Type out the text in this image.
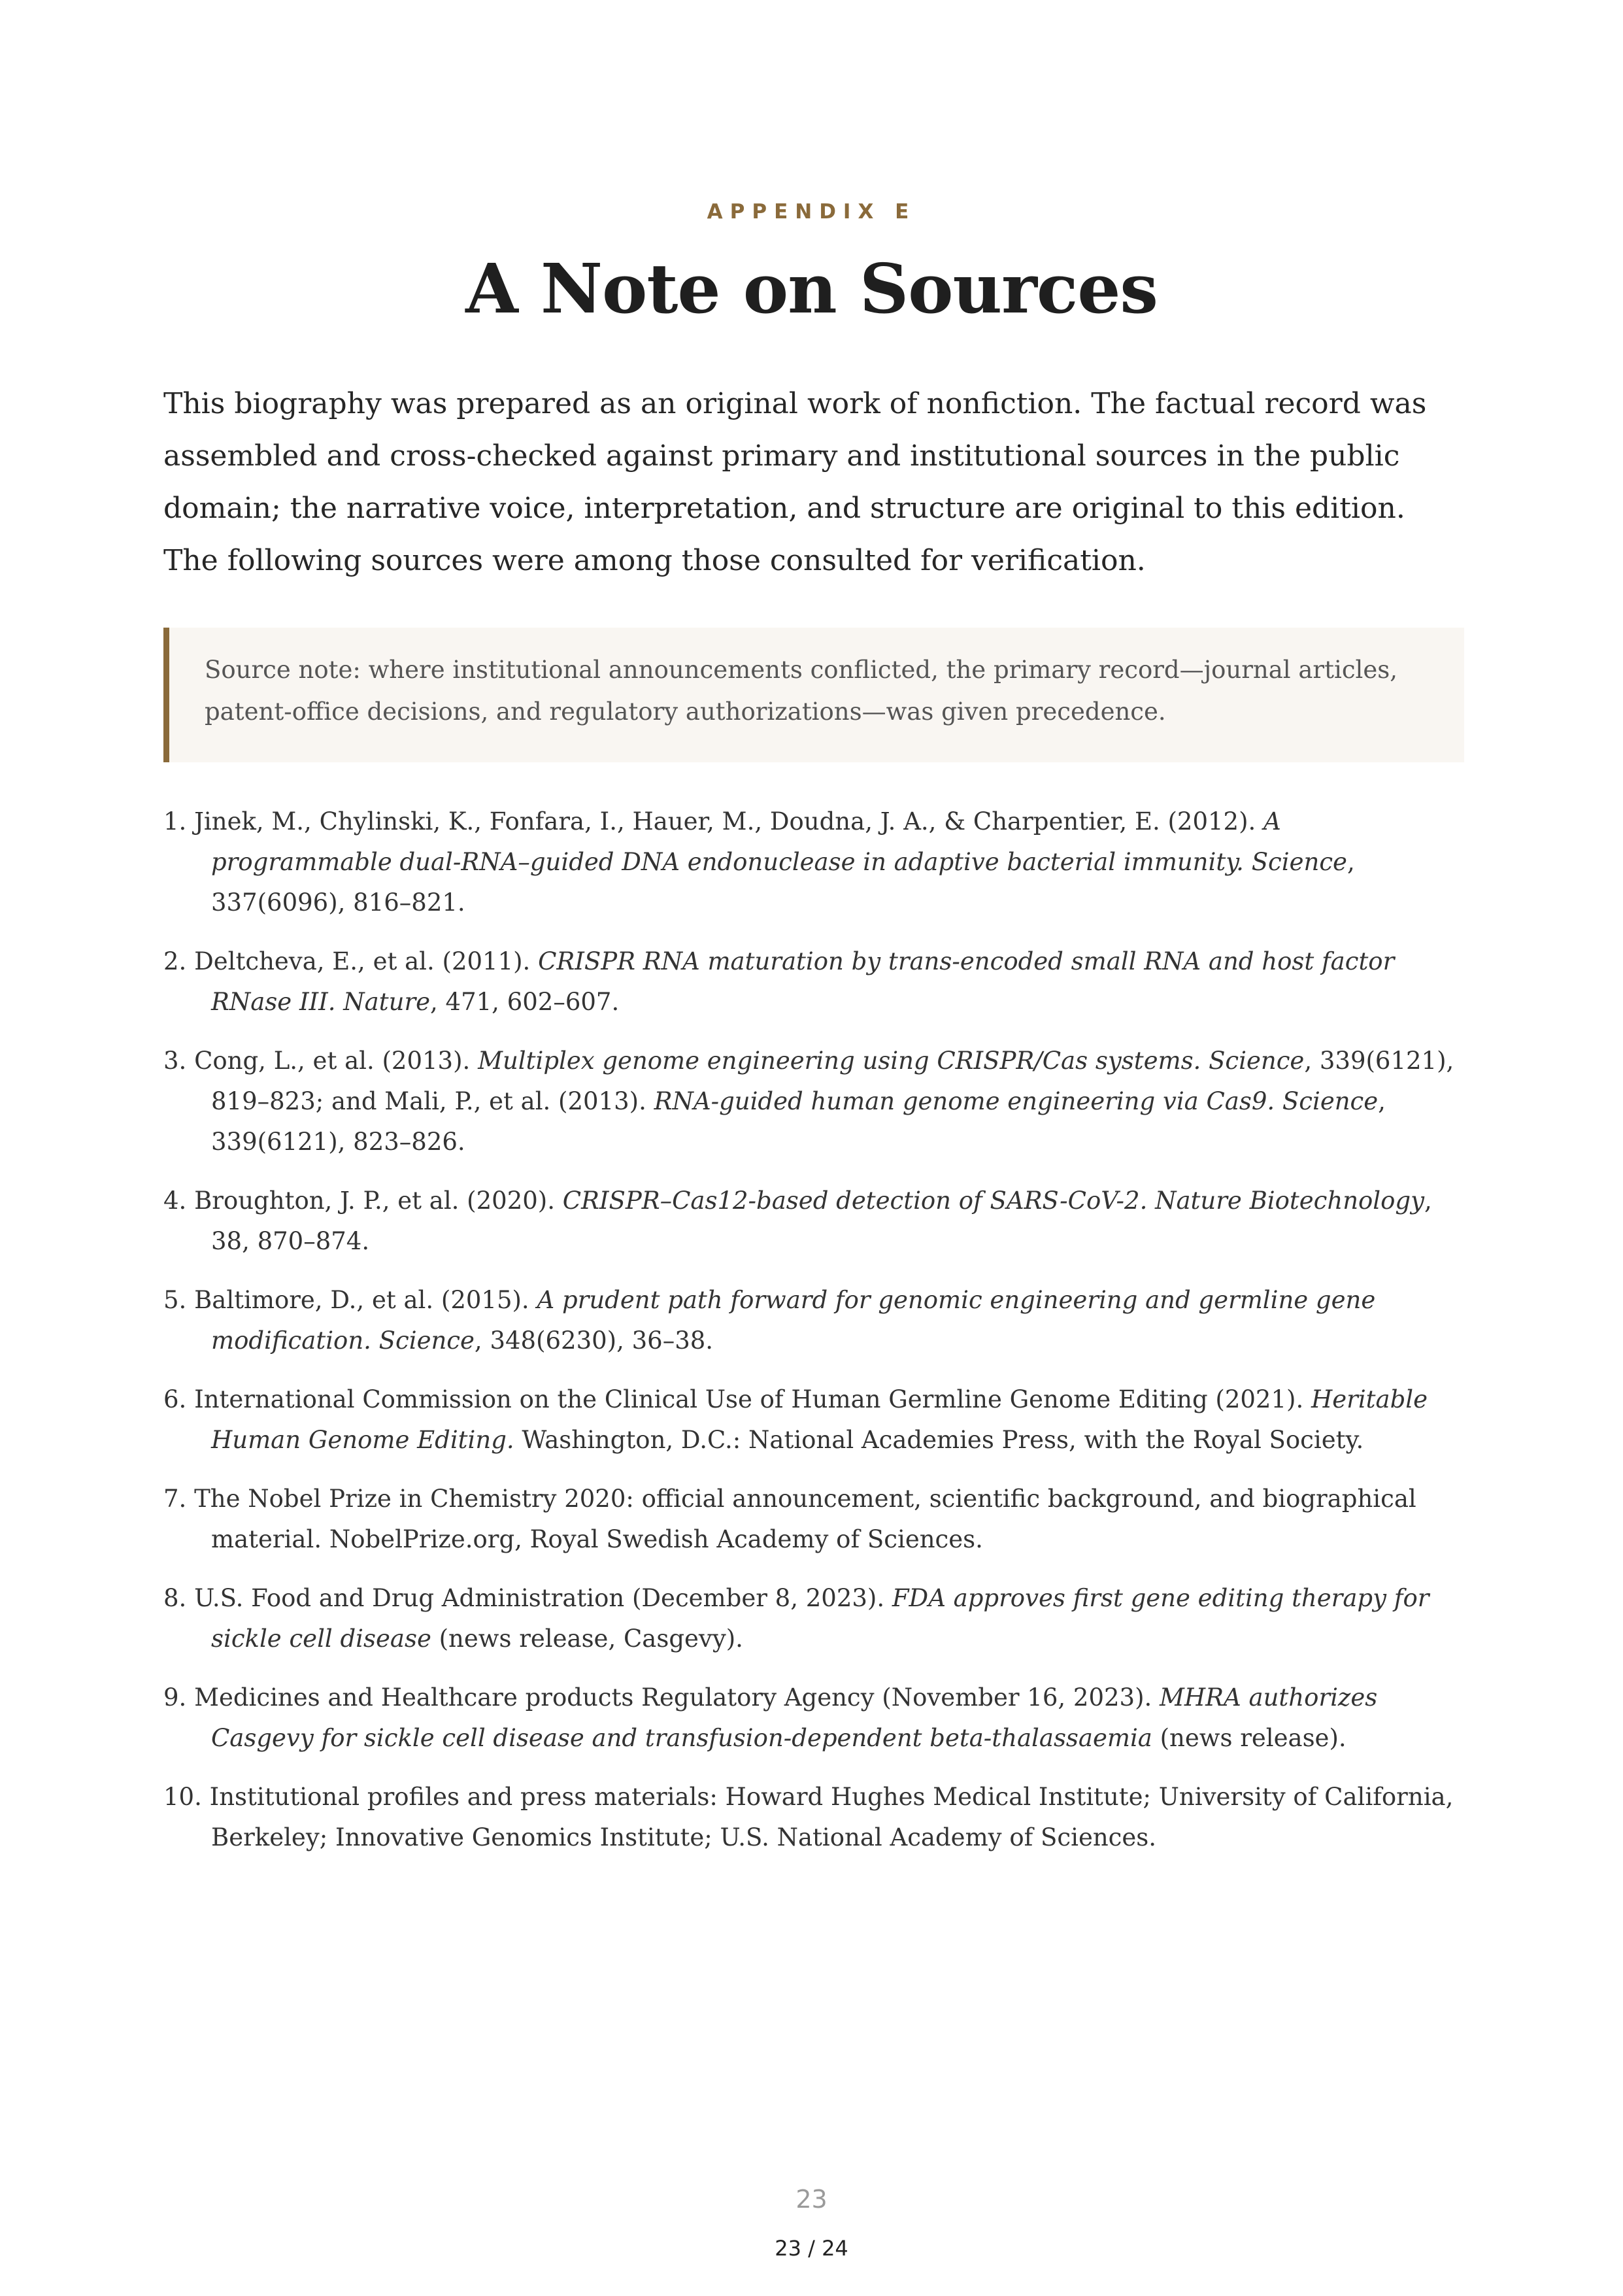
APPENDIX E
A Note on Sources

This biography was prepared as an original work of nonfiction. The factual record was assembled and cross-checked against primary and institutional sources in the public domain; the narrative voice, interpretation, and structure are original to this edition. The following sources were among those consulted for verification.

Source note: where institutional announcements conflicted, the primary record—journal articles, patent-office decisions, and regulatory authorizations—was given precedence.
1. Jinek, M., Chylinski, K., Fonfara, I., Hauer, M., Doudna, J. A., & Charpentier, E. (2012). A programmable dual-RNA–guided DNA endonuclease in adaptive bacterial immunity. Science, 337(6096), 816–821.
2. Deltcheva, E., et al. (2011). CRISPR RNA maturation by trans-encoded small RNA and host factor RNase III. Nature, 471, 602–607.
3. Cong, L., et al. (2013). Multiplex genome engineering using CRISPR/Cas systems. Science, 339(6121), 819–823; and Mali, P., et al. (2013). RNA-guided human genome engineering via Cas9. Science, 339(6121), 823–826.
4. Broughton, J. P., et al. (2020). CRISPR–Cas12-based detection of SARS-CoV-2. Nature Biotechnology, 38, 870–874.
5. Baltimore, D., et al. (2015). A prudent path forward for genomic engineering and germline gene modification. Science, 348(6230), 36–38.
6. International Commission on the Clinical Use of Human Germline Genome Editing (2021). Heritable Human Genome Editing. Washington, D.C.: National Academies Press, with the Royal Society.
7. The Nobel Prize in Chemistry 2020: official announcement, scientific background, and biographical material. NobelPrize.org, Royal Swedish Academy of Sciences.
8. U.S. Food and Drug Administration (December 8, 2023). FDA approves first gene editing therapy for sickle cell disease (news release, Casgevy).
9. Medicines and Healthcare products Regulatory Agency (November 16, 2023). MHRA authorizes Casgevy for sickle cell disease and transfusion-dependent beta-thalassaemia (news release).
10. Institutional profiles and press materials: Howard Hughes Medical Institute; University of California, Berkeley; Innovative Genomics Institute; U.S. National Academy of Sciences.
23
23 / 24
